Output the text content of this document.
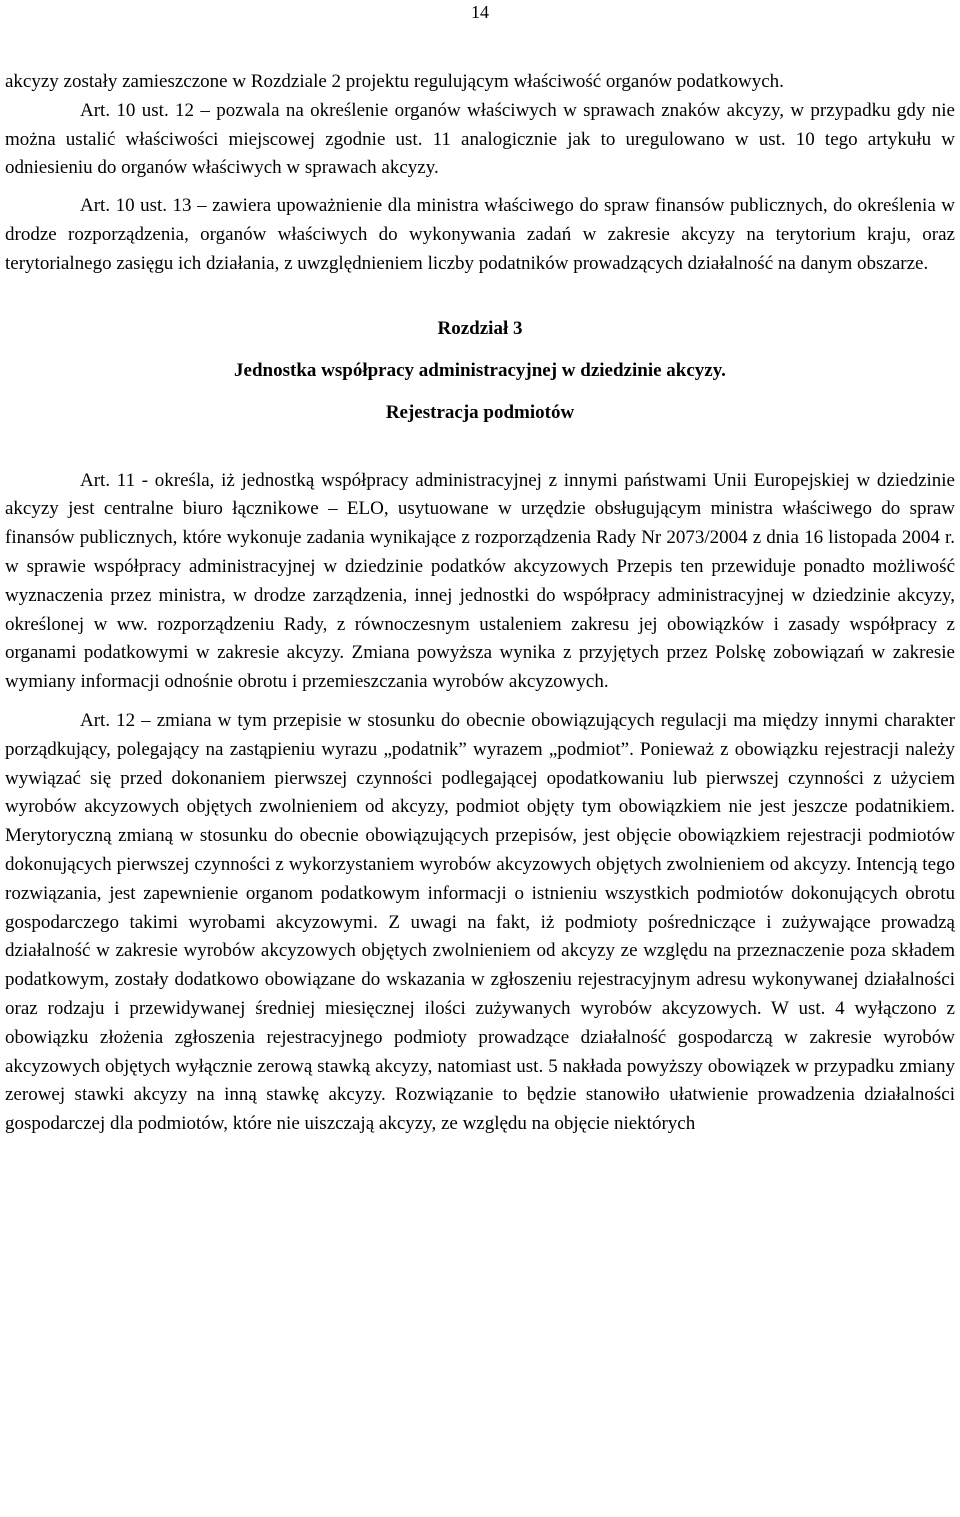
14

akcyzy zostały zamieszczone w Rozdziale 2 projektu regulującym właściwość organów podatkowych.

Art. 10 ust. 12 – pozwala na określenie organów właściwych w sprawach znaków akcyzy, w przypadku gdy nie można ustalić właściwości miejscowej zgodnie ust. 11 analogicznie jak to uregulowano w ust. 10 tego artykułu w odniesieniu do organów właściwych w sprawach akcyzy.

Art. 10 ust. 13 – zawiera upoważnienie dla ministra właściwego do spraw finansów publicznych, do określenia w drodze rozporządzenia, organów właściwych do wykonywania zadań w zakresie akcyzy na terytorium kraju, oraz terytorialnego zasięgu ich działania, z uwzględnieniem liczby podatników prowadzących działalność na danym obszarze.

Rozdział 3

Jednostka współpracy administracyjnej w dziedzinie akcyzy.

Rejestracja podmiotów

Art. 11 - określa, iż jednostką współpracy administracyjnej z innymi państwami Unii Europejskiej w dziedzinie akcyzy jest centralne biuro łącznikowe – ELO, usytuowane w urzędzie obsługującym ministra właściwego do spraw finansów publicznych, które wykonuje zadania wynikające z rozporządzenia Rady Nr 2073/2004 z dnia 16 listopada 2004 r. w sprawie współpracy administracyjnej w dziedzinie podatków akcyzowych Przepis ten przewiduje ponadto możliwość wyznaczenia przez ministra, w drodze zarządzenia, innej jednostki do współpracy administracyjnej w dziedzinie akcyzy, określonej w ww. rozporządzeniu Rady, z równoczesnym ustaleniem zakresu jej obowiązków i zasady współpracy z organami podatkowymi w zakresie akcyzy. Zmiana powyższa wynika z przyjętych przez Polskę zobowiązań w zakresie wymiany informacji odnośnie obrotu i przemieszczania wyrobów akcyzowych.

Art. 12 – zmiana w tym przepisie w stosunku do obecnie obowiązujących regulacji ma między innymi charakter porządkujący, polegający na zastąpieniu wyrazu „podatnik” wyrazem „podmiot”. Ponieważ z obowiązku rejestracji należy wywiązać się przed dokonaniem pierwszej czynności podlegającej opodatkowaniu lub pierwszej czynności z użyciem wyrobów akcyzowych objętych zwolnieniem od akcyzy, podmiot objęty tym obowiązkiem nie jest jeszcze podatnikiem. Merytoryczną zmianą w stosunku do obecnie obowiązujących przepisów, jest objęcie obowiązkiem rejestracji podmiotów dokonujących pierwszej czynności z wykorzystaniem wyrobów akcyzowych objętych zwolnieniem od akcyzy. Intencją tego rozwiązania, jest zapewnienie organom podatkowym informacji o istnieniu wszystkich podmiotów dokonujących obrotu gospodarczego takimi wyrobami akcyzowymi. Z uwagi na fakt, iż podmioty pośredniczące i zużywające prowadzą działalność w zakresie wyrobów akcyzowych objętych zwolnieniem od akcyzy ze względu na przeznaczenie poza składem podatkowym, zostały dodatkowo obowiązane do wskazania w zgłoszeniu rejestracyjnym adresu wykonywanej działalności oraz rodzaju i przewidywanej średniej miesięcznej ilości zużywanych wyrobów akcyzowych. W ust. 4 wyłączono z obowiązku złożenia zgłoszenia rejestracyjnego podmioty prowadzące działalność gospodarczą w zakresie wyrobów akcyzowych objętych wyłącznie zerową stawką akcyzy, natomiast ust. 5 nakłada powyższy obowiązek w przypadku zmiany zerowej stawki akcyzy na inną stawkę akcyzy. Rozwiązanie to będzie stanowiło ułatwienie prowadzenia działalności gospodarczej dla podmiotów, które nie uiszczają akcyzy, ze względu na objęcie niektórych
